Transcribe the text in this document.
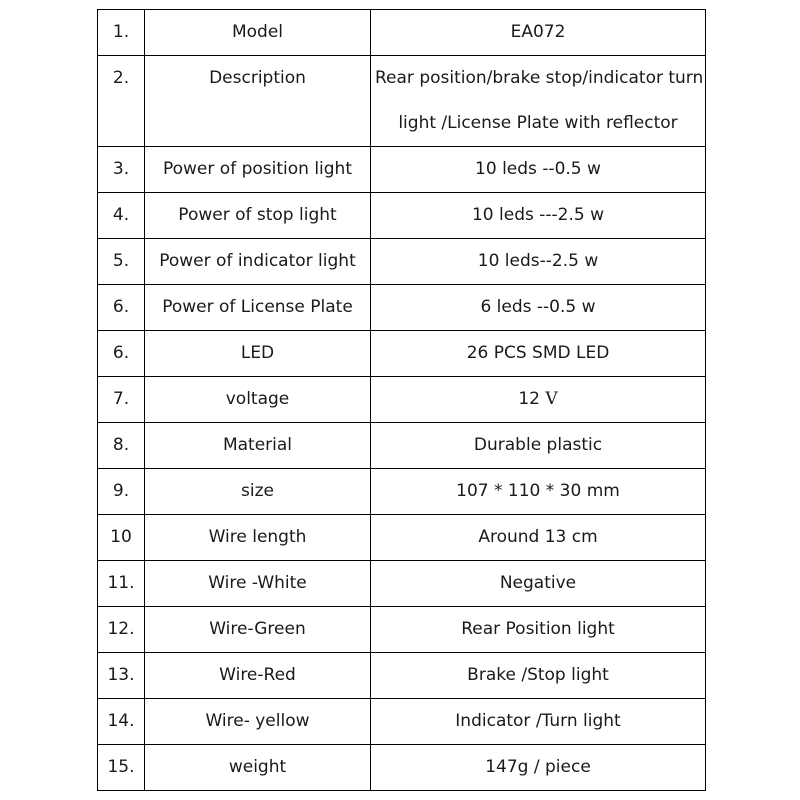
1.	Model	EA072
2.	Description	Rear position/brake stop/indicator turn
light /License Plate with reflector

3.	Power of position light	10 leds --0.5 w
4.	Power of stop light	10 leds ---2.5 w
5.	Power of indicator light	10 leds--2.5 w
6.	Power of License Plate	6 leds --0.5 w
6.	LED	26 PCS SMD LED
7.	voltage	12 V
8.	Material	Durable plastic
9.	size	107 * 110 * 30 mm
10	Wire length	Around 13 cm
11.	Wire -White	Negative
12.	Wire-Green	Rear Position light
13.	Wire-Red	Brake /Stop light
14.	Wire- yellow	Indicator /Turn light
15.	weight	147g / piece
